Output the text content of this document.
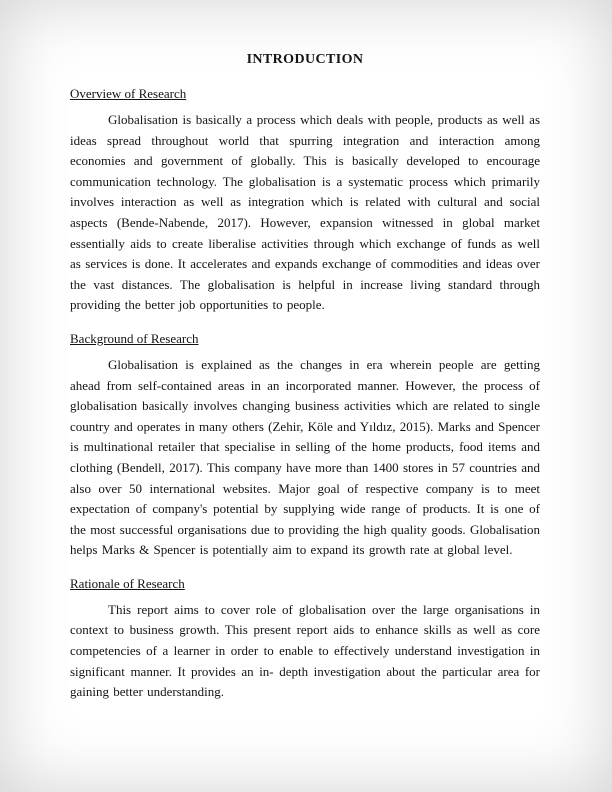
INTRODUCTION
Overview of Research

Globalisation is basically a process which deals with people, products as well as ideas spread throughout world that spurring integration and interaction among economies and government of globally. This is basically developed to encourage communication technology. The globalisation is a systematic process which primarily involves interaction as well as integration which is related with cultural and social aspects (Bende-Nabende, 2017). However, expansion witnessed in global market essentially aids to create liberalise activities through which exchange of funds as well as services is done. It accelerates and expands exchange of commodities and ideas over the vast distances. The globalisation is helpful in increase living standard through providing the better job opportunities to people.

Background of Research

Globalisation is explained as the changes in era wherein people are getting ahead from self-contained areas in an incorporated manner. However, the process of globalisation basically involves changing business activities which are related to single country and operates in many others (Zehir, Köle and Yıldız, 2015). Marks and Spencer is multinational retailer that specialise in selling of the home products, food items and clothing (Bendell, 2017). This company have more than 1400 stores in 57 countries and also over 50 international websites. Major goal of respective company is to meet expectation of company's potential by supplying wide range of products. It is one of the most successful organisations due to providing the high quality goods. Globalisation helps Marks & Spencer is potentially aim to expand its growth rate at global level.

Rationale of Research

This report aims to cover role of globalisation over the large organisations in context to business growth. This present report aids to enhance skills as well as core competencies of a learner in order to enable to effectively understand investigation in significant manner. It provides an in- depth investigation about the particular area for gaining better understanding.
